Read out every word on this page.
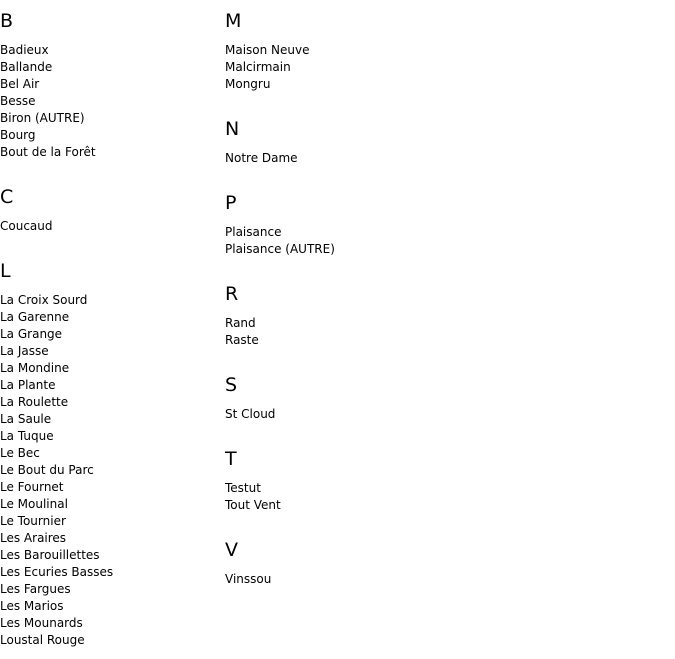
B
Badieux
Ballande
Bel Air
Besse
Biron (AUTRE)
Bourg
Bout de la Forêt
C
Coucaud
L
La Croix Sourd
La Garenne
La Grange
La Jasse
La Mondine
La Plante
La Roulette
La Saule
La Tuque
Le Bec
Le Bout du Parc
Le Fournet
Le Moulinal
Le Tournier
Les Araires
Les Barouillettes
Les Ecuries Basses
Les Fargues
Les Marios
Les Mounards
Loustal Rouge
M
Maison Neuve
Malcirmain
Mongru
N
Notre Dame
P
Plaisance
Plaisance (AUTRE)
R
Rand
Raste
S
St Cloud
T
Testut
Tout Vent
V
Vinssou
